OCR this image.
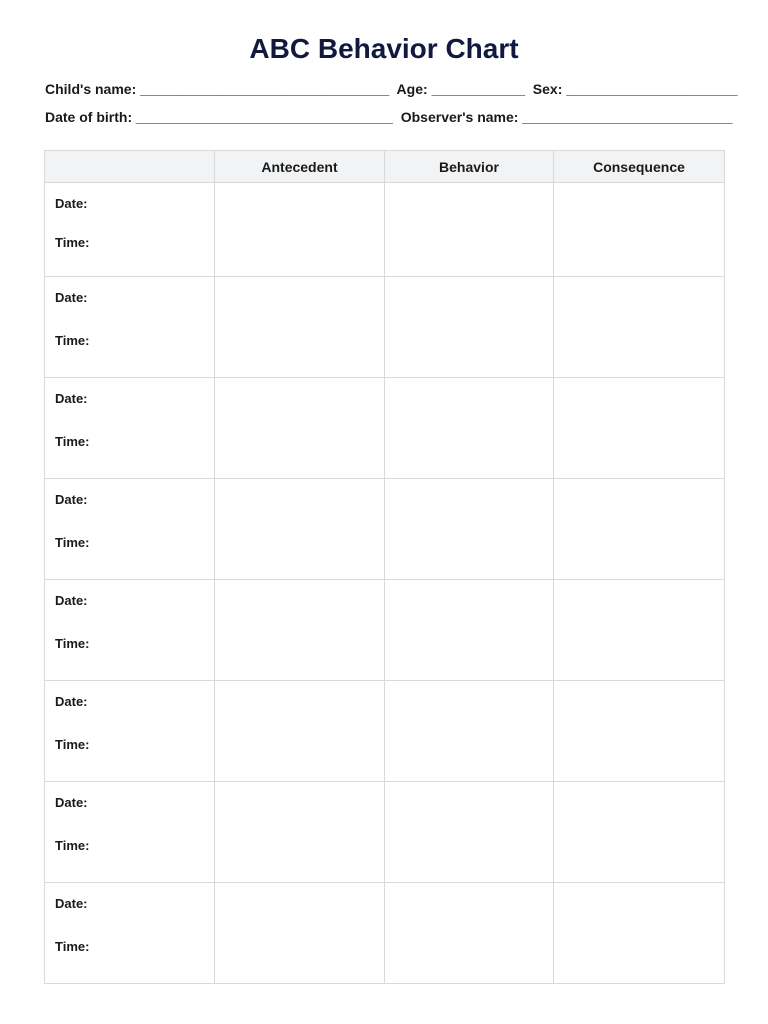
ABC Behavior Chart
Child's name: ________________________________ Age: ____________ Sex: ______________________
Date of birth: _________________________________ Observer's name: ___________________________
	Antecedent	Behavior	Consequence

Date:
Time:			

Date:
Time:			

Date:
Time:			

Date:
Time:			

Date:
Time:			

Date:
Time:			

Date:
Time:			

Date:
Time:			
